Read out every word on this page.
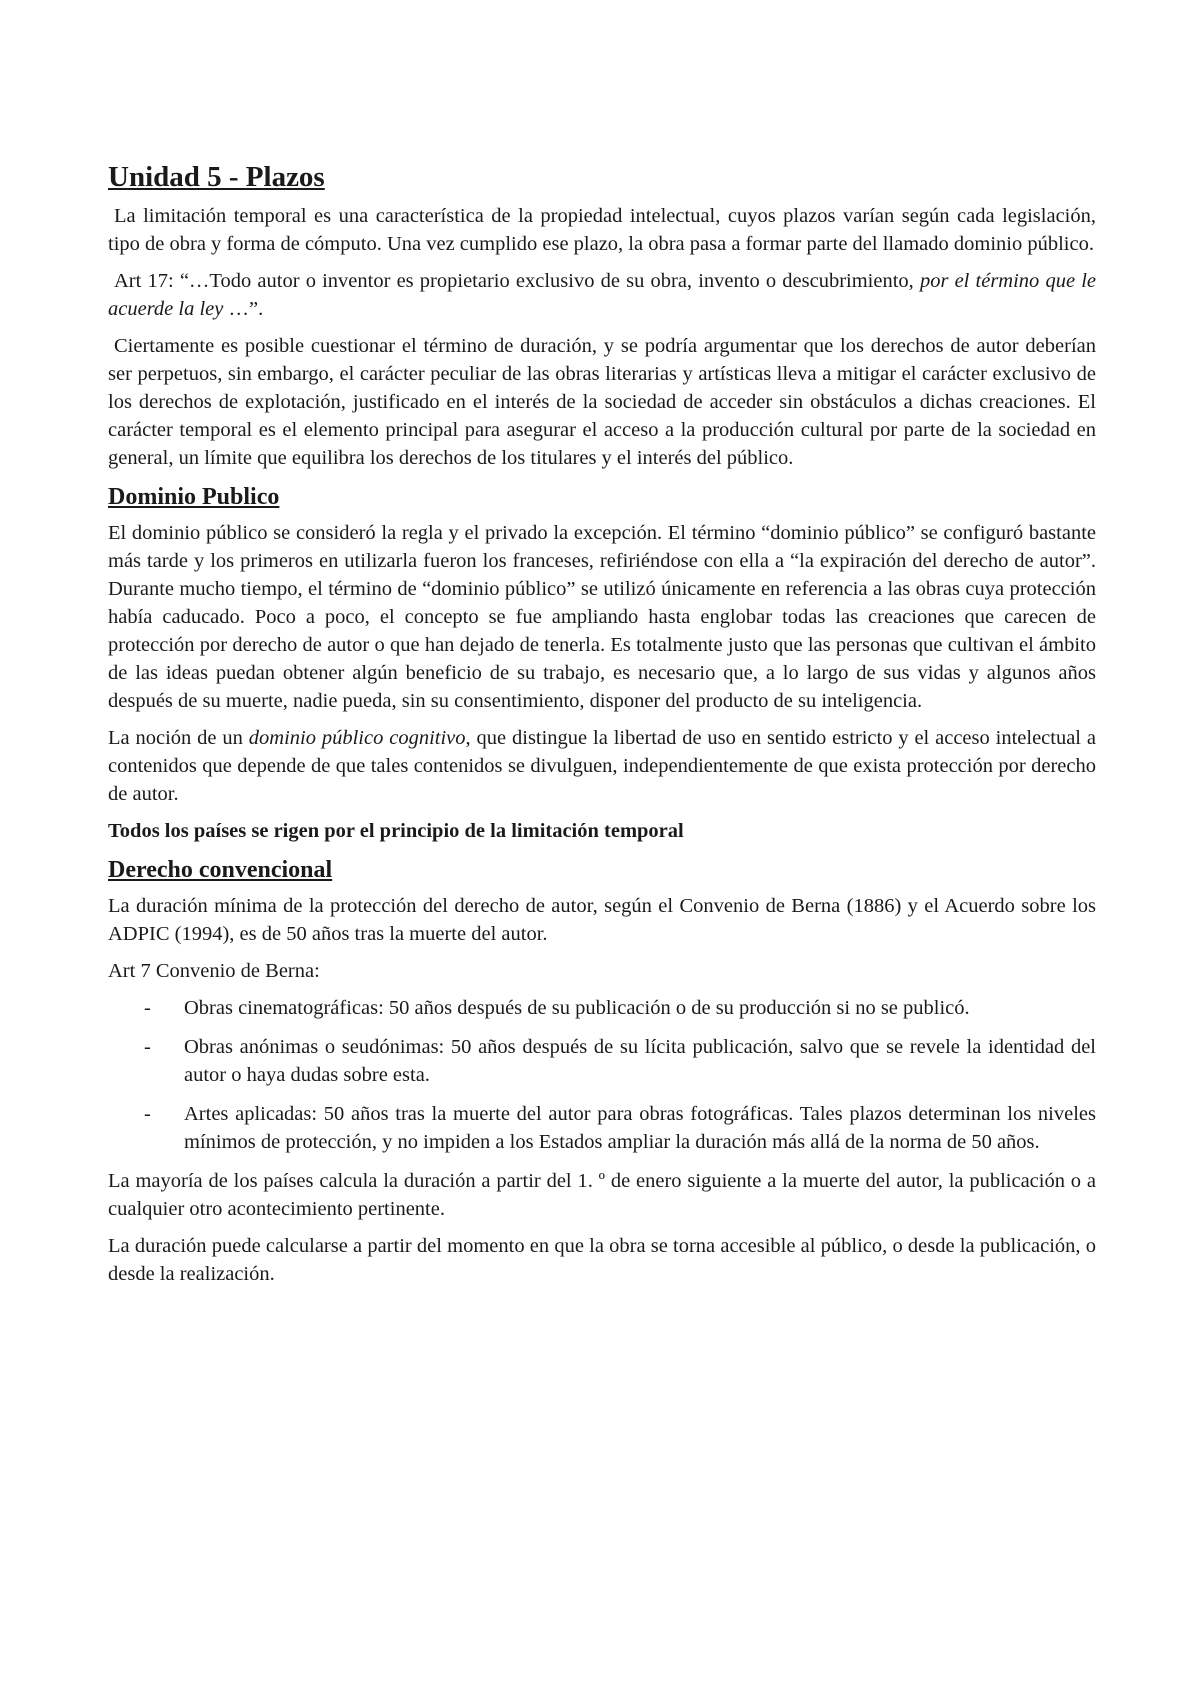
Unidad 5 - Plazos

La limitación temporal es una característica de la propiedad intelectual, cuyos plazos varían según cada legislación, tipo de obra y forma de cómputo. Una vez cumplido ese plazo, la obra pasa a formar parte del llamado dominio público.

Art 17: “…Todo autor o inventor es propietario exclusivo de su obra, invento o descubrimiento, por el término que le acuerde la ley …”.

Ciertamente es posible cuestionar el término de duración, y se podría argumentar que los derechos de autor deberían ser perpetuos, sin embargo, el carácter peculiar de las obras literarias y artísticas lleva a mitigar el carácter exclusivo de los derechos de explotación, justificado en el interés de la sociedad de acceder sin obstáculos a dichas creaciones. El carácter temporal es el elemento principal para asegurar el acceso a la producción cultural por parte de la sociedad en general, un límite que equilibra los derechos de los titulares y el interés del público.

Dominio Publico

El dominio público se consideró la regla y el privado la excepción. El término “dominio público” se configuró bastante más tarde y los primeros en utilizarla fueron los franceses, refiriéndose con ella a “la expiración del derecho de autor”. Durante mucho tiempo, el término de “dominio público” se utilizó únicamente en referencia a las obras cuya protección había caducado. Poco a poco, el concepto se fue ampliando hasta englobar todas las creaciones que carecen de protección por derecho de autor o que han dejado de tenerla. Es totalmente justo que las personas que cultivan el ámbito de las ideas puedan obtener algún beneficio de su trabajo, es necesario que, a lo largo de sus vidas y algunos años después de su muerte, nadie pueda, sin su consentimiento, disponer del producto de su inteligencia.

La noción de un dominio público cognitivo, que distingue la libertad de uso en sentido estricto y el acceso intelectual a contenidos que depende de que tales contenidos se divulguen, independientemente de que exista protección por derecho de autor.

Todos los países se rigen por el principio de la limitación temporal

Derecho convencional

La duración mínima de la protección del derecho de autor, según el Convenio de Berna (1886) y el Acuerdo sobre los ADPIC (1994), es de 50 años tras la muerte del autor.

Art 7 Convenio de Berna:

- Obras cinematográficas: 50 años después de su publicación o de su producción si no se publicó.
- Obras anónimas o seudónimas: 50 años después de su lícita publicación, salvo que se revele la identidad del autor o haya dudas sobre esta.
- Artes aplicadas: 50 años tras la muerte del autor para obras fotográficas. Tales plazos determinan los niveles mínimos de protección, y no impiden a los Estados ampliar la duración más allá de la norma de 50 años.

La mayoría de los países calcula la duración a partir del 1. º de enero siguiente a la muerte del autor, la publicación o a cualquier otro acontecimiento pertinente.

La duración puede calcularse a partir del momento en que la obra se torna accesible al público, o desde la publicación, o desde la realización.
